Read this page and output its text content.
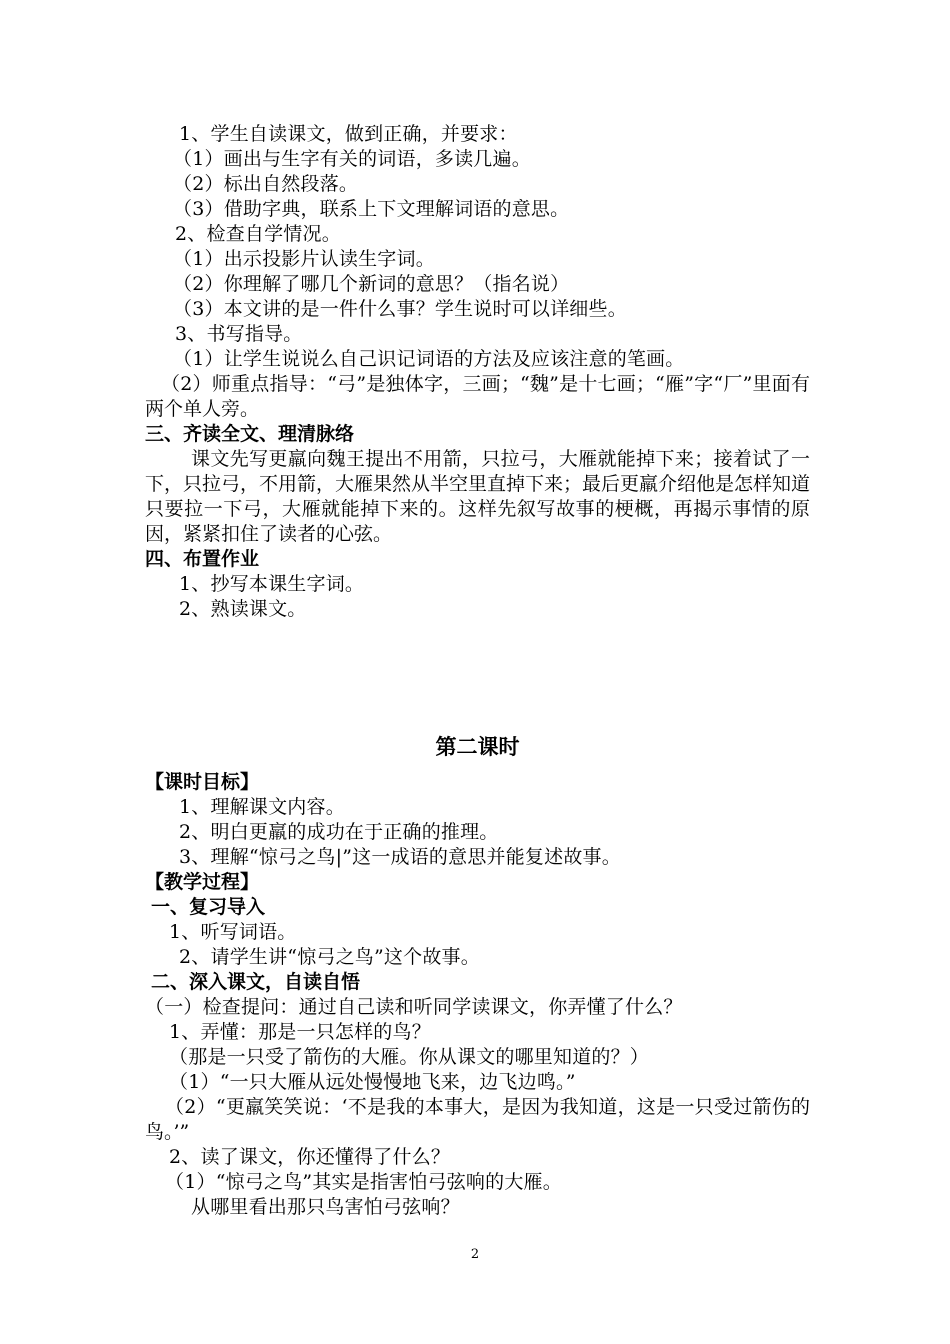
1、学生自读课文，做到正确，并要求：
（1）画出与生字有关的词语，多读几遍。
（2）标出自然段落。
（3）借助字典，联系上下文理解词语的意思。
2、检查自学情况。
（1）出示投影片认读生字词。
（2）你理解了哪几个新词的意思？（指名说）
（3）本文讲的是一件什么事？学生说时可以详细些。
3、书写指导。
（1）让学生说说么自己识记词语的方法及应该注意的笔画。
（2）师重点指导：“弓”是独体字，三画；“魏”是十七画；“雁”字“厂”里面有两个单人旁。
三、齐读全文、理清脉络
课文先写更羸向魏王提出不用箭，只拉弓，大雁就能掉下来；接着试了一下，只拉弓，不用箭，大雁果然从半空里直掉下来；最后更羸介绍他是怎样知道只要拉一下弓，大雁就能掉下来的。这样先叙写故事的梗概，再揭示事情的原因，紧紧扣住了读者的心弦。
四、布置作业
1、抄写本课生字词。
2、熟读课文。
第二课时
【课时目标】
1、理解课文内容。
2、明白更羸的成功在于正确的推理。
3、理解“惊弓之鸟|”这一成语的意思并能复述故事。
【教学过程】
一、复习导入
1、听写词语。
2、请学生讲“惊弓之鸟”这个故事。
二、深入课文，自读自悟
（一）检查提问：通过自己读和听同学读课文，你弄懂了什么？
1、弄懂：那是一只怎样的鸟？
（那是一只受了箭伤的大雁。你从课文的哪里知道的？）
（1）“一只大雁从远处慢慢地飞来，边飞边鸣。”
（2）“更羸笑笑说：‘不是我的本事大，是因为我知道，这是一只受过箭伤的鸟。’”
2、读了课文，你还懂得了什么？
（1）“惊弓之鸟”其实是指害怕弓弦响的大雁。
从哪里看出那只鸟害怕弓弦响？
2
